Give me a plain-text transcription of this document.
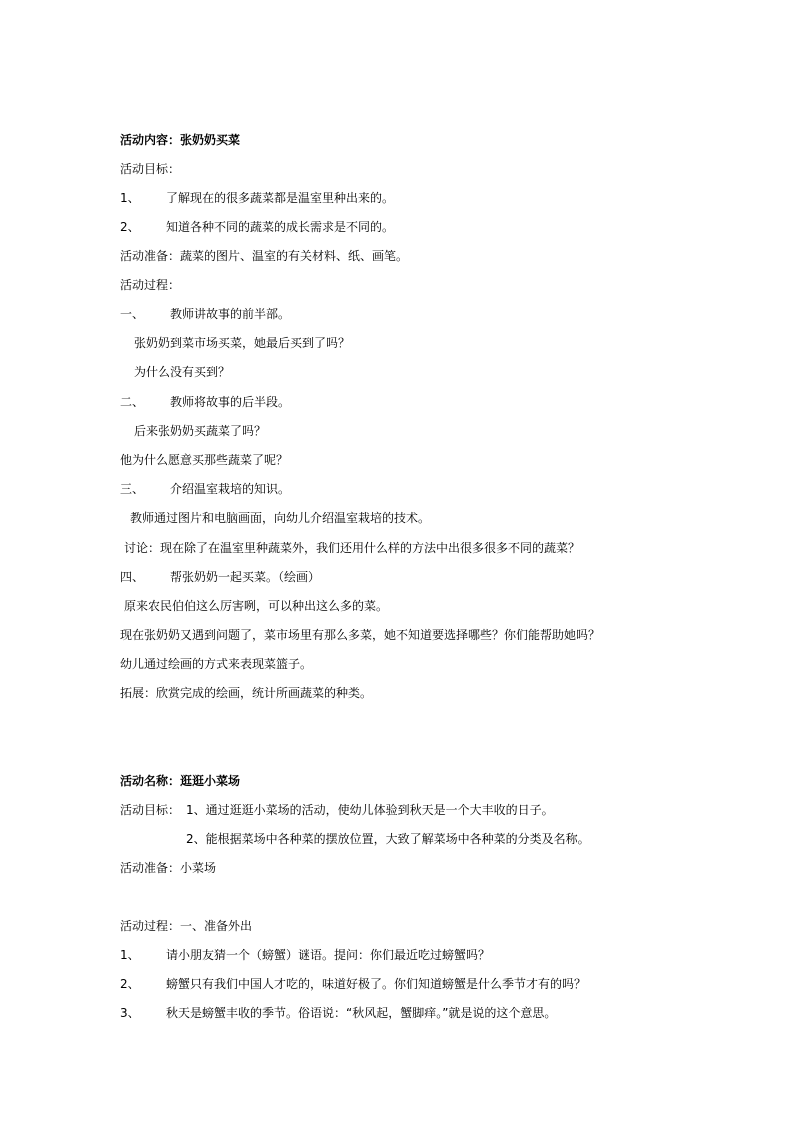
活动内容：张奶奶买菜
活动目标：
1、 了解现在的很多蔬菜都是温室里种出来的。
2、 知道各种不同的蔬菜的成长需求是不同的。
活动准备：蔬菜的图片、温室的有关材料、纸、画笔。
活动过程：
一、 教师讲故事的前半部。
张奶奶到菜市场买菜，她最后买到了吗？
为什么没有买到？
二、 教师将故事的后半段。
后来张奶奶买蔬菜了吗？
他为什么愿意买那些蔬菜了呢？
三、 介绍温室栽培的知识。
教师通过图片和电脑画面，向幼儿介绍温室栽培的技术。
讨论：现在除了在温室里种蔬菜外，我们还用什么样的方法中出很多很多不同的蔬菜？
四、 帮张奶奶一起买菜。（绘画）
原来农民伯伯这么厉害咧，可以种出这么多的菜。
现在张奶奶又遇到问题了，菜市场里有那么多菜，她不知道要选择哪些？你们能帮助她吗？
幼儿通过绘画的方式来表现菜篮子。
拓展：欣赏完成的绘画，统计所画蔬菜的种类。
活动名称：逛逛小菜场
活动目标： 1、通过逛逛小菜场的活动，使幼儿体验到秋天是一个大丰收的日子。
2、能根据菜场中各种菜的摆放位置，大致了解菜场中各种菜的分类及名称。
活动准备：小菜场
活动过程：一、准备外出
1、 请小朋友猜一个（螃蟹）谜语。提问：你们最近吃过螃蟹吗？
2、 螃蟹只有我们中国人才吃的，味道好极了。你们知道螃蟹是什么季节才有的吗？
3、 秋天是螃蟹丰收的季节。俗语说：“秋风起，蟹脚痒。”就是说的这个意思。
